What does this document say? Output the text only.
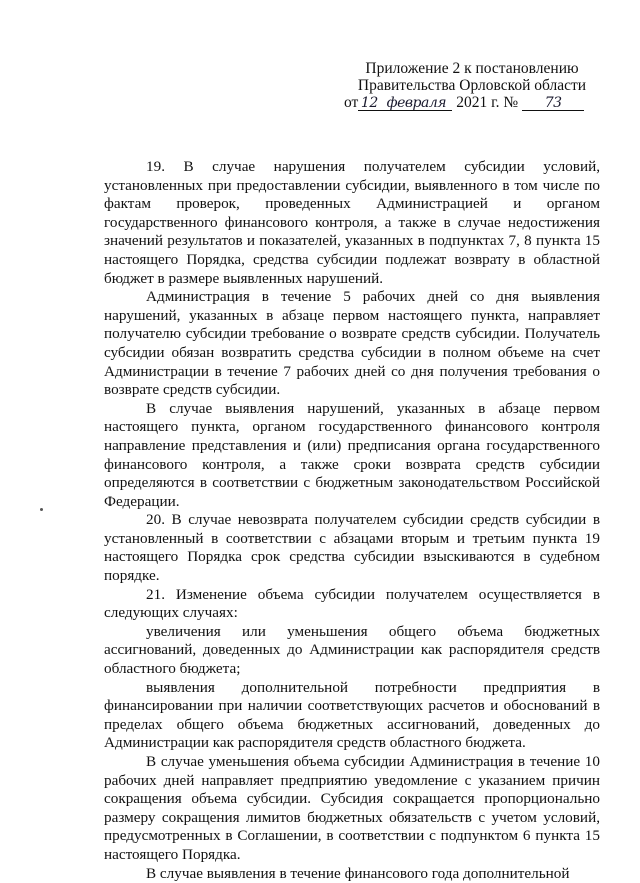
Приложение 2 к постановлению
Правительства Орловской области
от 12 февраля 2021 г. № 73

19. В случае нарушения получателем субсидии условий, установленных при предоставлении субсидии, выявленного в том числе по фактам проверок, проведенных Администрацией и органом государственного финансового контроля, а также в случае недостижения значений результатов и показателей, указанных в подпунктах 7, 8 пункта 15 настоящего Порядка, средства субсидии подлежат возврату в областной бюджет в размере выявленных нарушений.

Администрация в течение 5 рабочих дней со дня выявления нарушений, указанных в абзаце первом настоящего пункта, направляет получателю субсидии требование о возврате средств субсидии. Получатель субсидии обязан возвратить средства субсидии в полном объеме на счет Администрации в течение 7 рабочих дней со дня получения требования о возврате средств субсидии.

В случае выявления нарушений, указанных в абзаце первом настоящего пункта, органом государственного финансового контроля направление представления и (или) предписания органа государственного финансового контроля, а также сроки возврата средств субсидии определяются в соответствии с бюджетным законодательством Российской Федерации.

20. В случае невозврата получателем субсидии средств субсидии в установленный в соответствии с абзацами вторым и третьим пункта 19 настоящего Порядка срок средства субсидии взыскиваются в судебном порядке.

21. Изменение объема субсидии получателем осуществляется в следующих случаях:

увеличения или уменьшения общего объема бюджетных ассигнований, доведенных до Администрации как распорядителя средств областного бюджета;

выявления дополнительной потребности предприятия в финансировании при наличии соответствующих расчетов и обоснований в пределах общего объема бюджетных ассигнований, доведенных до Администрации как распорядителя средств областного бюджета.

В случае уменьшения объема субсидии Администрация в течение 10 рабочих дней направляет предприятию уведомление с указанием причин сокращения объема субсидии. Субсидия сокращается пропорционально размеру сокращения лимитов бюджетных обязательств с учетом условий, предусмотренных в Соглашении, в соответствии с подпунктом 6 пункта 15 настоящего Порядка.

В случае выявления в течение финансового года дополнительной
